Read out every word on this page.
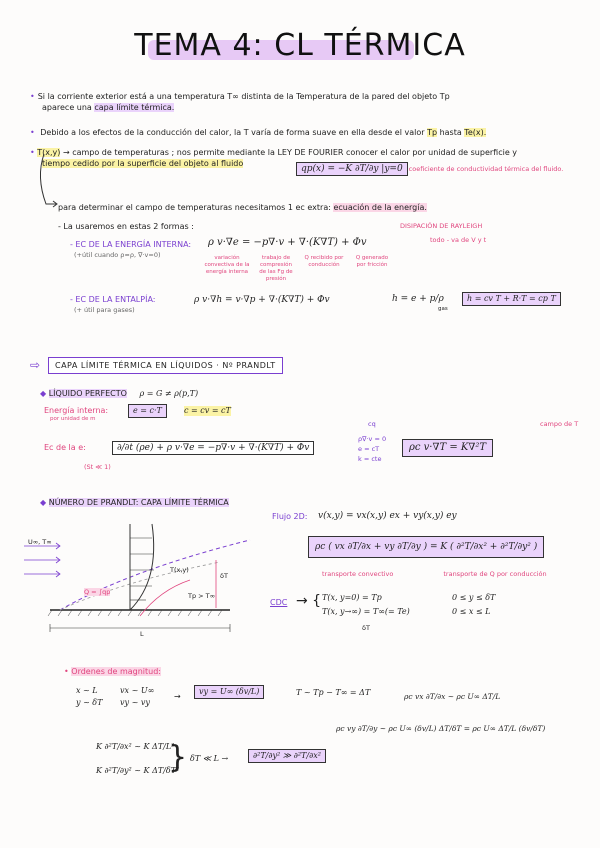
TEMA 4: CL TÉRMICA
• Si la corriente exterior está a una temperatura T∞ distinta de la Temperatura de la pared del objeto Tp
aparece una capa límite térmica.
• Debido a los efectos de la conducción del calor, la T varía de forma suave en ella desde el valor Tp hasta Te(x).
• T(x,y) → campo de temperaturas ; nos permite mediante la LEY DE FOURIER conocer el calor por unidad de superficie y
tiempo cedido por la superficie del objeto al fluido
qp(x) = −K ∂T/∂y |y=0 coeficiente de conductividad térmica del fluido.
para determinar el campo de temperaturas necesitamos 1 ec extra: ecuación de la energía.
- La usaremos en estas 2 formas :	DISIPACIÓN DE RAYLEIGH
todo - va de V y t
- EC DE LA ENERGÍA INTERNA:
(+útil cuando ρ≈ρ, ∇·v=0)
ρ v·∇e = −p∇·v + ∇·(K∇T) + Φv
variación convectiva de la energía interna
trabajo de compresión de las Fg de presión
Q recibido por conducción
Q generado por fricción
- EC DE LA ENTALPÍA:
(+ útil para gases)
ρ v·∇h = v·∇p + ∇·(K∇T) + Φv	h = e + p/ρ
gas
h = cv T + R·T = cp T
⇨	CAPA LÍMITE TÉRMICA EN LÍQUIDOS · Nº PRANDLT
◆ LÍQUIDO PERFECTO ρ = G ≠ ρ(p,T)
Energía interna:
por unidad de m
e = c·T	c = cv = cT
Ec de la e:
(St ≪ 1)
∂/∂t (ρe) + ρ v·∇e = −p∇·v + ∇·(K∇T) + Φv
cq
ρ∇·v = 0
e = cT
k = cte
ρc v·∇T = K∇²T
campo de T
◆ NÚMERO DE PRANDLT: CAPA LÍMITE TÉRMICA
Flujo 2D: v(x,y) = vx(x,y) ex + vy(x,y) ey
ρc ( vx ∂T/∂x + vy ∂T/∂y ) = K ( ∂²T/∂x² + ∂²T/∂y² )
transporte convectivo	transporte de Q por conducción
CDC → { T(x, y=0) = Tp
T(x, y→∞) = T∞(= Te)
δT
0 ≤ y ≤ δT
0 ≤ x ≤ L
U∞, T∞
T(x,y)
δT
Tp > T∞
Q = ∫qp
L
• Ordenes de magnitud:
x ~ L
y ~ δT
vx ~ U∞
vy ~ vy
→
vy = U∞ (δv/L)	T ~ Tp − T∞ = ΔT	ρc vx ∂T/∂x ~ ρc U∞ ΔT/L
ρc vy ∂T/∂y ~ ρc U∞ (δv/L) ΔT/δT = ρc U∞ ΔT/L (δv/δT)
K ∂²T/∂x² ~ K ΔT/L²
K ∂²T/∂y² ~ K ΔT/δT²
} δT ≪ L →	∂²T/∂y² ≫ ∂²T/∂x²
